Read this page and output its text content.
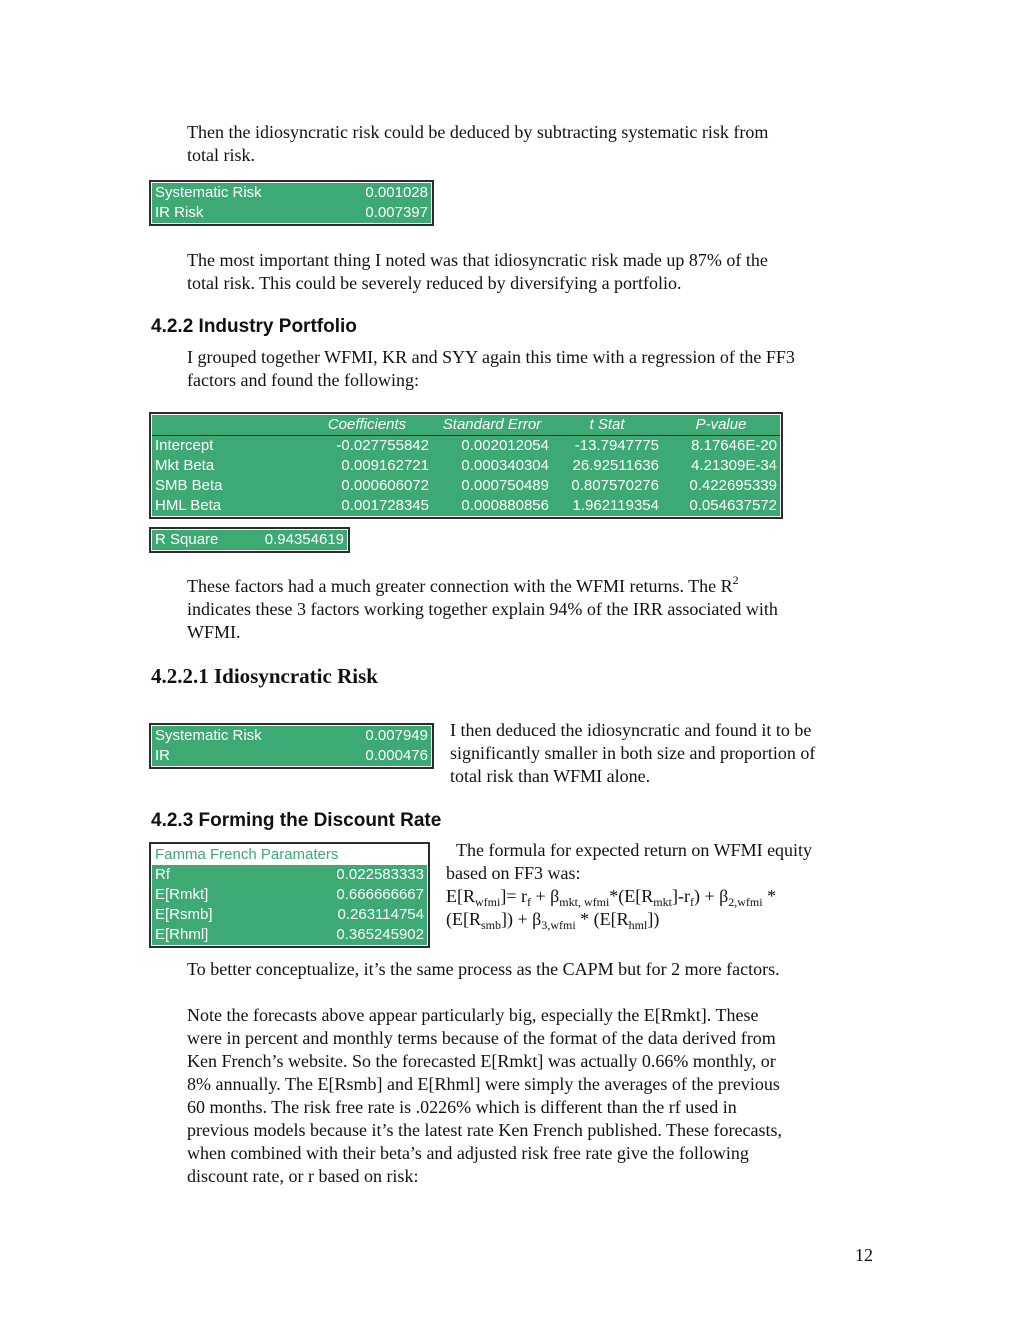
Then the idiosyncratic risk could be deduced by subtracting systematic risk from

total risk.

Systematic Risk	0.001028
IR Risk	0.007397

The most important thing I noted was that idiosyncratic risk made up 87% of the

total risk. This could be severely reduced by diversifying a portfolio.

4.2.2 Industry Portfolio

I grouped together WFMI, KR and SYY again this time with a regression of the FF3

factors and found the following:

	Coefficients	Standard Error	t Stat	P-value
Intercept	-0.027755842	0.002012054	-13.7947775	8.17646E-20
Mkt Beta	0.009162721	0.000340304	26.92511636	4.21309E-34
SMB Beta	0.000606072	0.000750489	0.807570276	0.422695339
HML Beta	0.001728345	0.000880856	1.962119354	0.054637572
R Square	0.94354619

These factors had a much greater connection with the WFMI returns. The $R^2$

indicates these 3 factors working together explain 94% of the IRR associated with

WFMI.

4.2.2.1 Idiosyncratic Risk
Systematic Risk	0.007949
IR	0.000476

I then deduced the idiosyncratic and found it to be

significantly smaller in both size and proportion of

total risk than WFMI alone.

4.2.3 Forming the Discount Rate
Famma French Paramaters	
Rf	0.022583333
E[Rmkt]	0.666666667
E[Rsmb]	0.263114754
E[Rhml]	0.365245902

The formula for expected return on WFMI equity

based on FF3 was:

$E[R_{wfmi}]= r_f + \beta_{mkt, wfmi}*(E[R_{mkt}]-r_f) + \beta_{2,wfmi}$ *

$(E[R_{smb}]) + \beta_{3,wfmi} * (E[R_{hml}])$

To better conceptualize, it’s the same process as the CAPM but for 2 more factors.

Note the forecasts above appear particularly big, especially the E[Rmkt]. These

were in percent and monthly terms because of the format of the data derived from

Ken French’s website. So the forecasted E[Rmkt] was actually 0.66% monthly, or

8% annually. The E[Rsmb] and E[Rhml] were simply the averages of the previous

60 months. The risk free rate is .0226% which is different than the rf used in

previous models because it’s the latest rate Ken French published. These forecasts,

when combined with their beta’s and adjusted risk free rate give the following

discount rate, or r based on risk:

12
